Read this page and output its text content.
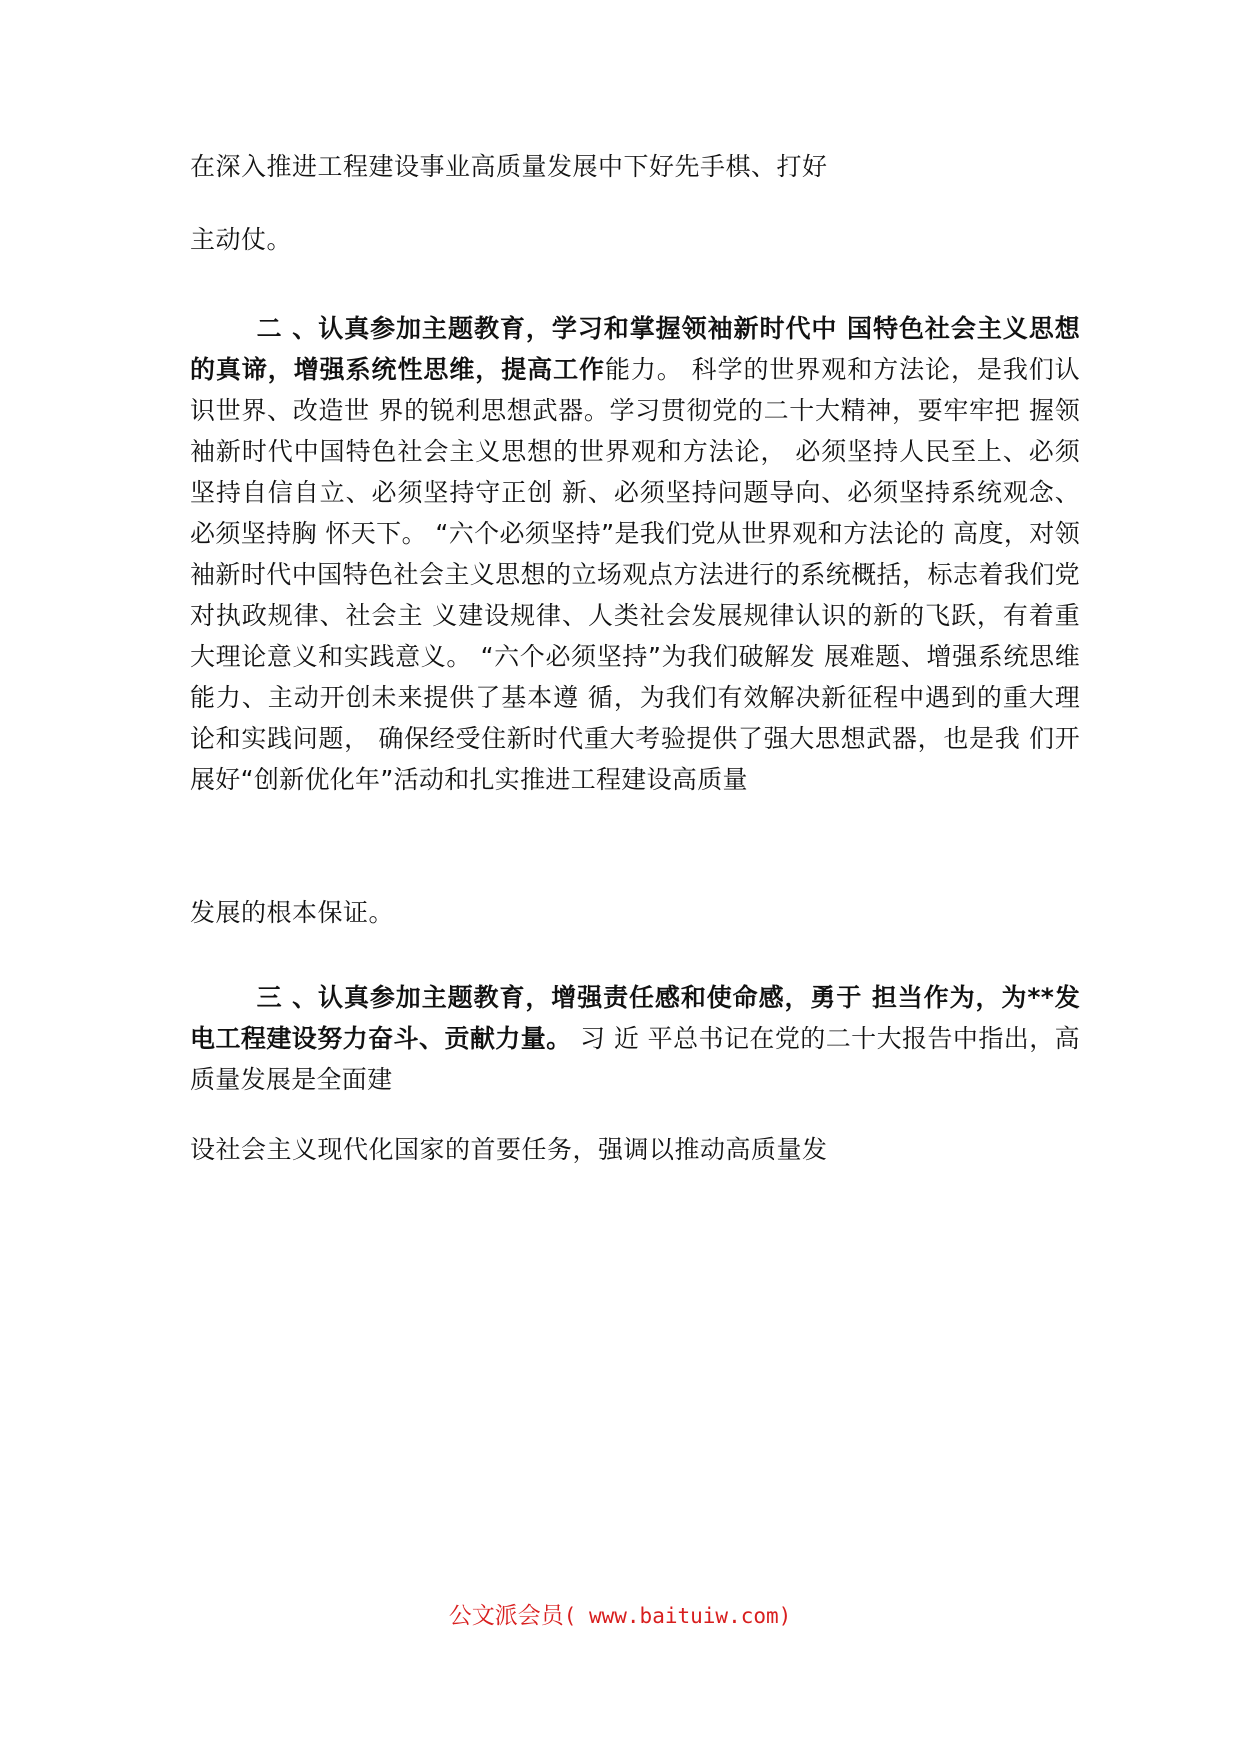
在深入推进工程建设事业高质量发展中下好先手棋、打好
主动仗。
二 、认真参加主题教育，学习和掌握领袖新时代中 国特色社会主义思想的真谛，增强系统性思维，提高工作能力。 科学的世界观和方法论，是我们认识世界、改造世 界的锐利思想武器。学习贯彻党的二十大精神，要牢牢把 握领袖新时代中国特色社会主义思想的世界观和方法论， 必须坚持人民至上、必须坚持自信自立、必须坚持守正创 新、必须坚持问题导向、必须坚持系统观念、必须坚持胸 怀天下。 “六个必须坚持”是我们党从世界观和方法论的 高度，对领袖新时代中国特色社会主义思想的立场观点方法进行的系统概括，标志着我们党对执政规律、社会主 义建设规律、人类社会发展规律认识的新的飞跃，有着重 大理论意义和实践意义。 “六个必须坚持”为我们破解发 展难题、增强系统思维能力、主动开创未来提供了基本遵 循，为我们有效解决新征程中遇到的重大理论和实践问题， 确保经受住新时代重大考验提供了强大思想武器，也是我 们开展好“创新优化年”活动和扎实推进工程建设高质量
发展的根本保证。
三 、认真参加主题教育，增强责任感和使命感，勇于 担当作为，为**发电工程建设努力奋斗、贡献力量。 习 近 平总书记在党的二十大报告中指出，高质量发展是全面建
设社会主义现代化国家的首要任务，强调以推动高质量发
公文派会员( www.baituiw.com)
